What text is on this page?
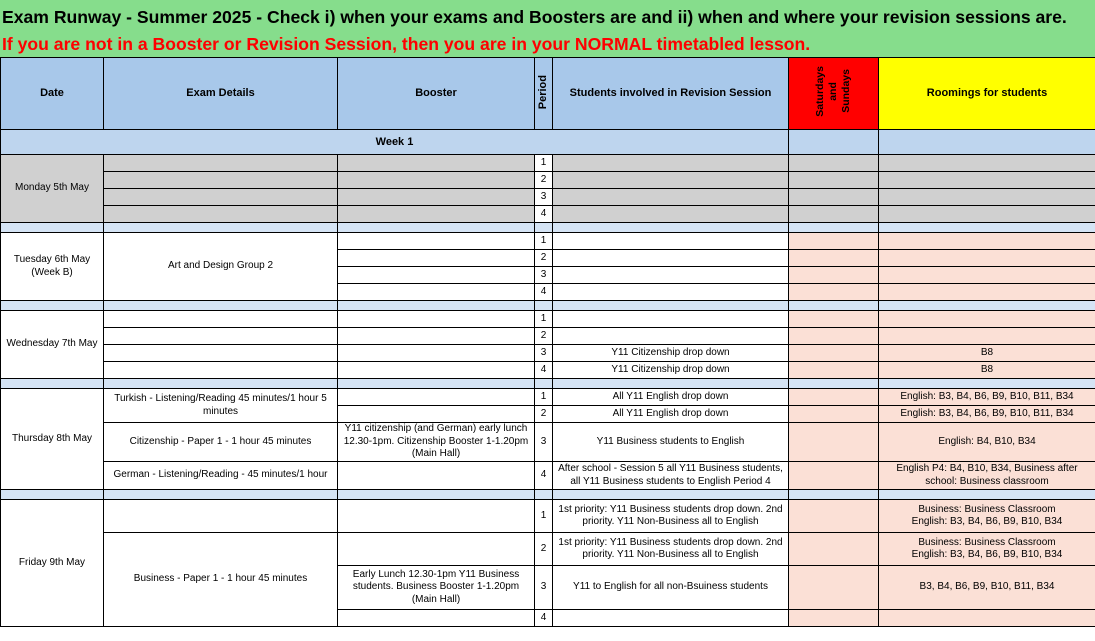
Exam Runway - Summer 2025 - Check i) when your exams and Boosters are and ii) when and where your revision sessions are.
If you are not in a Booster or Revision Session, then you are in your NORMAL timetabled lesson.
Date	Exam Details	Booster	Period	Students involved in Revision Session	Saturdays
and
Sundays	Roomings for students
Week 1						
Monday 5th May			1			
			2			
			3			
			4			

Tuesday 6th May (Week B)	Art and Design Group 2		1			
			2			
			3			
			4			

Wednesday 7th May			1			
			2			
			3	Y11 Citizenship drop down		B8
			4	Y11 Citizenship drop down		B8

Thursday 8th May	Turkish - Listening/Reading 45 minutes/1 hour 5 minutes		1	All Y11 English drop down		English: B3, B4, B6, B9, B10, B11, B34
			2	All Y11 English drop down		English: B3, B4, B6, B9, B10, B11, B34
	Citizenship - Paper 1 - 1 hour 45 minutes	Y11 citizenship (and German) early lunch 12.30-1pm. Citizenship Booster 1-1.20pm (Main Hall)	3	Y11 Business students to English		English: B4, B10, B34
	German - Listening/Reading - 45 minutes/1 hour		4	After school - Session 5 all Y11 Business students, all Y11 Business students to English Period 4		English P4: B4, B10, B34, Business after school: Business classroom

Friday 9th May			1	1st priority: Y11 Business students drop down. 2nd priority. Y11 Non-Business all to English		Business: Business Classroom
English: B3, B4, B6, B9, B10, B34
	Business - Paper 1 - 1 hour 45 minutes		2	1st priority: Y11 Business students drop down. 2nd priority. Y11 Non-Business all to English		Business: Business Classroom
English: B3, B4, B6, B9, B10, B34
		Early Lunch 12.30-1pm Y11 Business students. Business Booster 1-1.20pm (Main Hall)	3	Y11 to English for all non-Bsuiness students		B3, B4, B6, B9, B10, B11, B34
			4			
